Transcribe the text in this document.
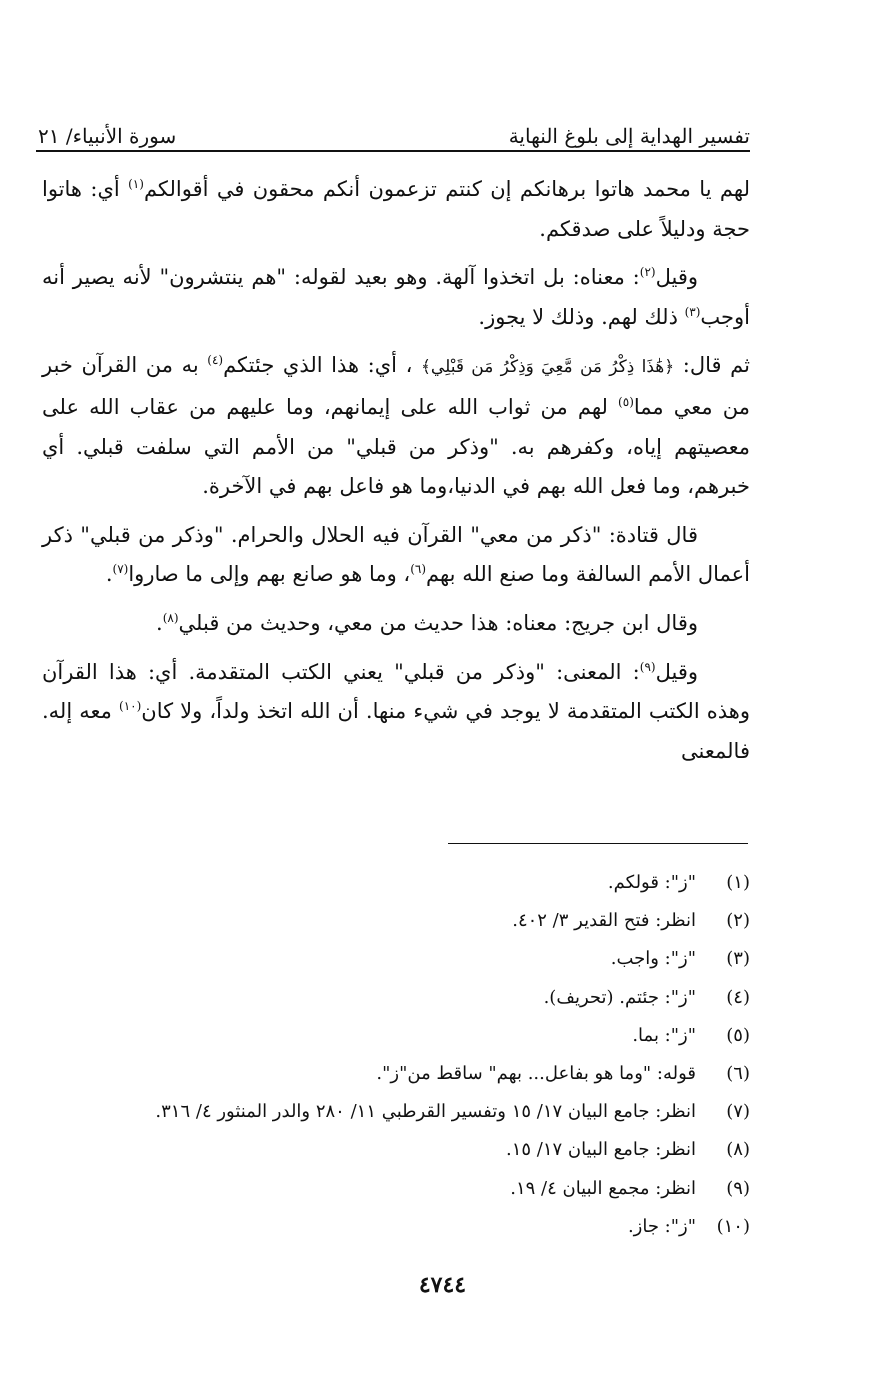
تفسير الهداية إلى بلوغ النهاية
سورة الأنبياء/ ٢١

لهم يا محمد هاتوا برهانكم إن كنتم تزعمون أنكم محقون في أقوالكم$^{(١)}$ أي: هاتوا حجة ودليلاً على صدقكم.

وقيل$^{(٢)}$: معناه: بل اتخذوا آلهة. وهو بعيد لقوله: "هم ينتشرون" لأنه يصير أنه أوجب$^{(٣)}$ ذلك لهم. وذلك لا يجوز.

ثم قال: ﴿هَٰذَا ذِكْرُ مَن مَّعِيَ وَذِكْرُ مَن قَبْلِي﴾ ، أي: هذا الذي جئتكم$^{(٤)}$ به من القرآن خبر من معي مما$^{(٥)}$ لهم من ثواب الله على إيمانهم، وما عليهم من عقاب الله على معصيتهم إياه، وكفرهم به. "وذكر من قبلي" من الأمم التي سلفت قبلي. أي خبرهم، وما فعل الله بهم في الدنيا،وما هو فاعل بهم في الآخرة.

قال قتادة: "ذكر من معي" القرآن فيه الحلال والحرام. "وذكر من قبلي" ذكر أعمال الأمم السالفة وما صنع الله بهم$^{(٦)}$، وما هو صانع بهم وإلى ما صاروا$^{(٧)}$.

وقال ابن جريج: معناه: هذا حديث من معي، وحديث من قبلي$^{(٨)}$.

وقيل$^{(٩)}$: المعنى: "وذكر من قبلي" يعني الكتب المتقدمة. أي: هذا القرآن وهذه الكتب المتقدمة لا يوجد في شيء منها. أن الله اتخذ ولداً، ولا كان$^{(١٠)}$ معه إله. فالمعنى

(١)
"ز": قولكم.
(٢)
انظر: فتح القدير ٣/ ٤٠٢.
(٣)
"ز": واجب.
(٤)
"ز": جئتم. (تحريف).
(٥)
"ز": بما.
(٦)
قوله: "وما هو بفاعل... بهم" ساقط من"ز".
(٧)
انظر: جامع البيان ١٧/ ١٥ وتفسير القرطبي ١١/ ٢٨٠ والدر المنثور ٤/ ٣١٦.
(٨)
انظر: جامع البيان ١٧/ ١٥.
(٩)
انظر: مجمع البيان ٤/ ١٩.
(١٠)
"ز": جاز.
٤٧٤٤
